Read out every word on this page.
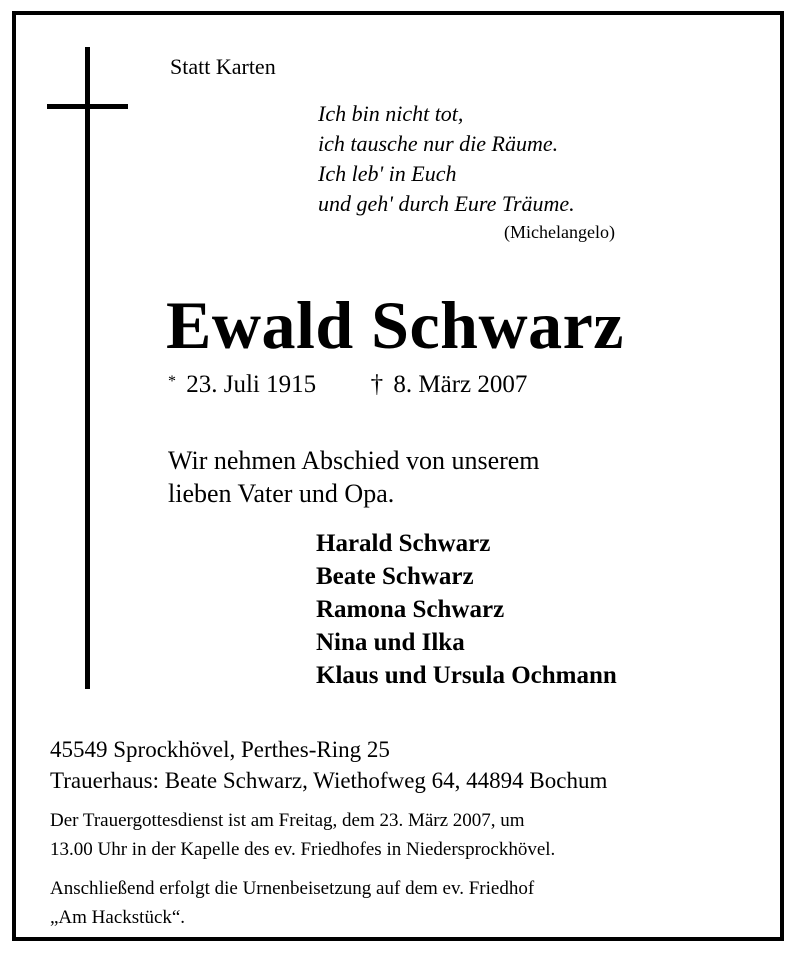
Statt Karten
Ich bin nicht tot,
ich tausche nur die Räume.
Ich leb' in Euch
und geh' durch Eure Träume.
(Michelangelo)
Ewald Schwarz
* 23. Juli 1915 † 8. März 2007
Wir nehmen Abschied von unserem
lieben Vater und Opa.
Harald Schwarz
Beate Schwarz
Ramona Schwarz
Nina und Ilka
Klaus und Ursula Ochmann
45549 Sprockhövel, Perthes-Ring 25
Trauerhaus: Beate Schwarz, Wiethofweg 64, 44894 Bochum
Der Trauergottesdienst ist am Freitag, dem 23. März 2007, um
13.00 Uhr in der Kapelle des ev. Friedhofes in Niedersprockhövel.
Anschließend erfolgt die Urnenbeisetzung auf dem ev. Friedhof
„Am Hackstück“.
